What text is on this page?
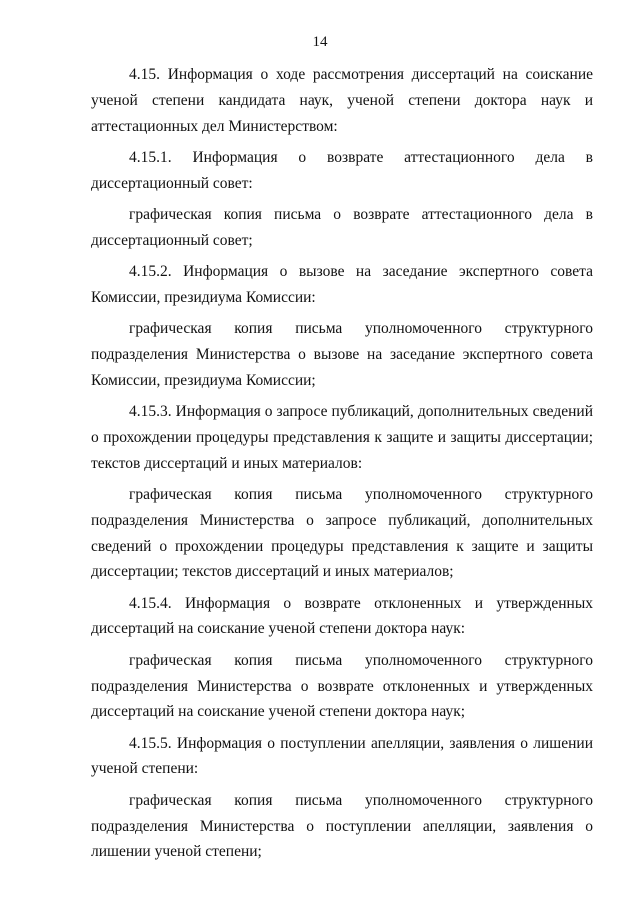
14

4.15. Информация о ходе рассмотрения диссертаций на соискание ученой степени кандидата наук, ученой степени доктора наук и аттестационных дел Министерством:

4.15.1. Информация о возврате аттестационного дела в диссертационный совет:

графическая копия письма о возврате аттестационного дела в диссертационный совет;

4.15.2. Информация о вызове на заседание экспертного совета Комиссии, президиума Комиссии:

графическая копия письма уполномоченного структурного подразделения Министерства о вызове на заседание экспертного совета Комиссии, президиума Комиссии;

4.15.3. Информация о запросе публикаций, дополнительных сведений о прохождении процедуры представления к защите и защиты диссертации; текстов диссертаций и иных материалов:

графическая копия письма уполномоченного структурного подразделения Министерства о запросе публикаций, дополнительных сведений о прохождении процедуры представления к защите и защиты диссертации; текстов диссертаций и иных материалов;

4.15.4. Информация о возврате отклоненных и утвержденных диссертаций на соискание ученой степени доктора наук:

графическая копия письма уполномоченного структурного подразделения Министерства о возврате отклоненных и утвержденных диссертаций на соискание ученой степени доктора наук;

4.15.5. Информация о поступлении апелляции, заявления о лишении ученой степени:

графическая копия письма уполномоченного структурного подразделения Министерства о поступлении апелляции, заявления о лишении ученой степени;
